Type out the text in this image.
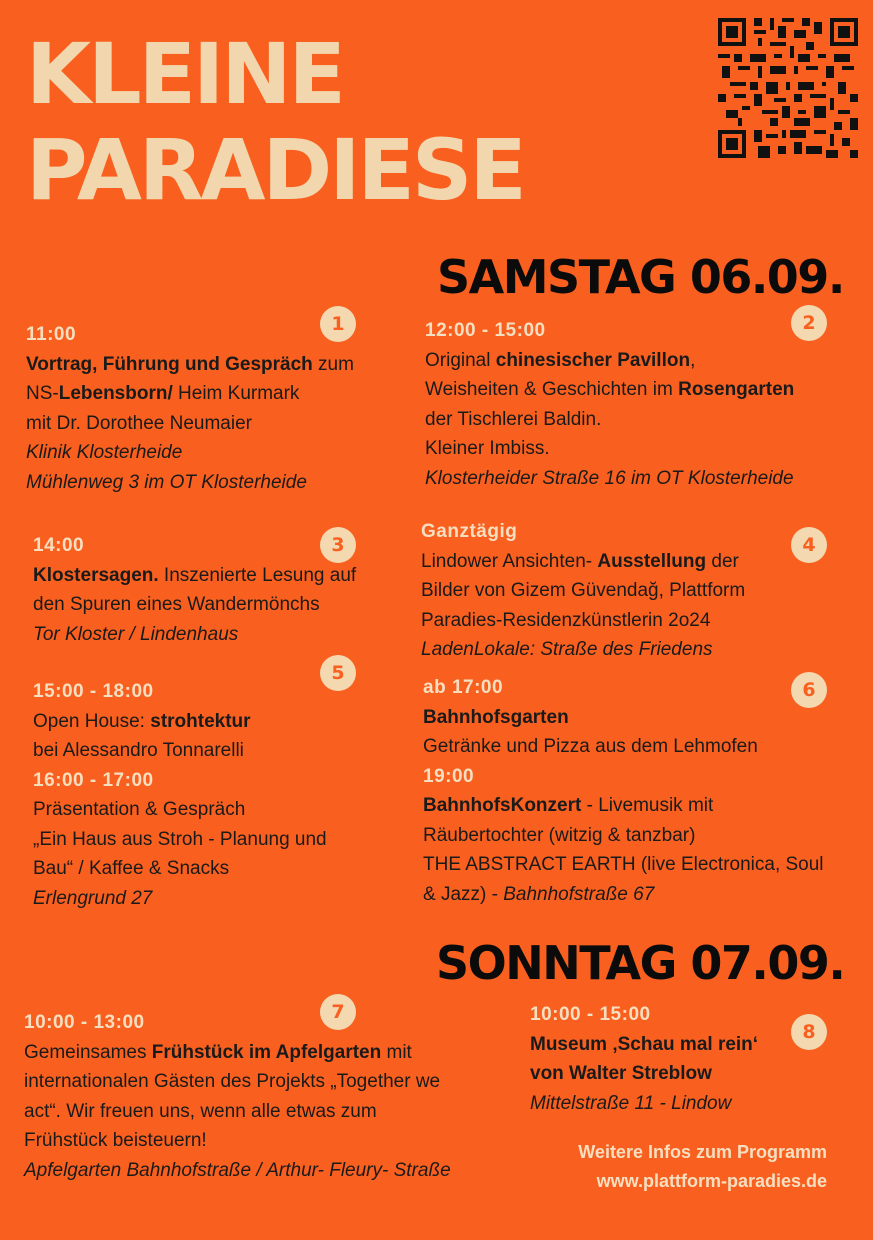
KLEINE
PARADIESE
SAMSTAG 06.09.
1
11:00
Vortrag, Führung und Gespräch zum
NS-Lebensborn/ Heim Kurmark
mit Dr. Dorothee Neumaier
Klinik Klosterheide
Mühlenweg 3 im OT Klosterheide
2
12:00 - 15:00
Original chinesischer Pavillon,
Weisheiten & Geschichten im Rosengarten
der Tischlerei Baldin.
Kleiner Imbiss.
Klosterheider Straße 16 im OT Klosterheide
3
14:00
Klostersagen. Inszenierte Lesung auf
den Spuren eines Wandermönchs
Tor Kloster / Lindenhaus
4
Ganztägig
Lindower Ansichten- Ausstellung der
Bilder von Gizem Güvendağ, Plattform
Paradies-Residenzkünstlerin 2o24
LadenLokale: Straße des Friedens
5
15:00 - 18:00
Open House: strohtektur
bei Alessandro Tonnarelli
16:00 - 17:00
Präsentation & Gespräch
„Ein Haus aus Stroh - Planung und
Bau“ / Kaffee & Snacks
Erlengrund 27
6
ab 17:00
Bahnhofsgarten
Getränke und Pizza aus dem Lehmofen
19:00
BahnhofsKonzert - Livemusik mit
Räubertochter (witzig & tanzbar)
THE ABSTRACT EARTH (live Electronica, Soul
& Jazz) - Bahnhofstraße 67
SONNTAG 07.09.
7
10:00 - 13:00
Gemeinsames Frühstück im Apfelgarten mit
internationalen Gästen des Projekts „Together we
act“. Wir freuen uns, wenn alle etwas zum
Frühstück beisteuern!
Apfelgarten Bahnhofstraße / Arthur- Fleury- Straße
8
10:00 - 15:00
Museum ‚Schau mal rein‘
von Walter Streblow
Mittelstraße 11 - Lindow
Weitere Infos zum Programm
www.plattform-paradies.de
